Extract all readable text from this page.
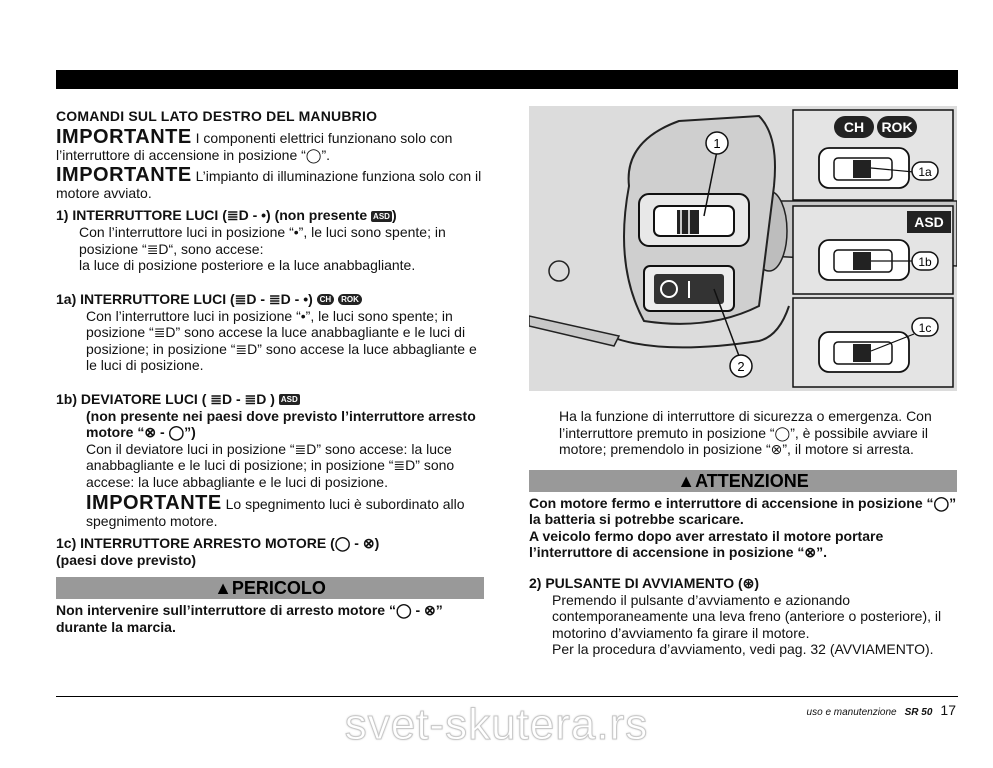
COMANDI SUL LATO DESTRO DEL MANUBRIO

IMPORTANTE I componenti elettrici funzionano solo con l’interruttore di accensione in posizione “◯”.

IMPORTANTE L’impianto di illuminazione funziona solo con il motore avviato.

1) INTERRUTTORE LUCI (≣D - •) (non presente ASD )

Con l’interruttore luci in posizione “•”, le luci sono spente; in posizione “≣D“, sono accese:

la luce di posizione posteriore e la luce anabbagliante.

1a) INTERRUTTORE LUCI (≣D - ≣D - •) CH ROK

Con l’interruttore luci in posizione “•”, le luci sono spente; in posizione “≣D” sono accese la luce anabbagliante e le luci di posizione; in posizione “≣D” sono accese la luce abbagliante e le luci di posizione.

1b) DEVIATORE LUCI ( ≣D - ≣D ) ASD

(non presente nei paesi dove previsto l’interruttore arresto motore “⊗ - ◯”)

Con il deviatore luci in posizione “≣D” sono accese: la luce anabbagliante e le luci di posizione; in posizione “≣D” sono accese: la luce abbagliante e le luci di posizione.

IMPORTANTE Lo spegnimento luci è subordinato allo spegnimento motore.

1c) INTERRUTTORE ARRESTO MOTORE (◯ - ⊗)
(paesi dove previsto)
▲PERICOLO

Non intervenire sull’interruttore di arresto motore “◯ - ⊗” durante la marcia.

1
2
CH ROK
ASD
1a
1b
1c

Ha la funzione di interruttore di sicurezza o emergenza. Con l’interruttore premuto in posizione “◯”, è possibile avviare il motore; premendolo in posizione “⊗”, il motore si arresta.

▲ATTENZIONE

Con motore fermo e interruttore di accensione in posizione “◯” la batteria si potrebbe scaricare.

A veicolo fermo dopo aver arrestato il motore portare l’interruttore di accensione in posizione “⊗”.

2) PULSANTE DI AVVIAMENTO (⊛)

Premendo il pulsante d’avviamento e azionando contemporaneamente una leva freno (anteriore o posteriore), il motorino d’avviamento fa girare il motore.

Per la procedura d’avviamento, vedi pag. 32 (AVVIAMENTO).

svet-skutera.rs	uso e manutenzione SR 50 17
